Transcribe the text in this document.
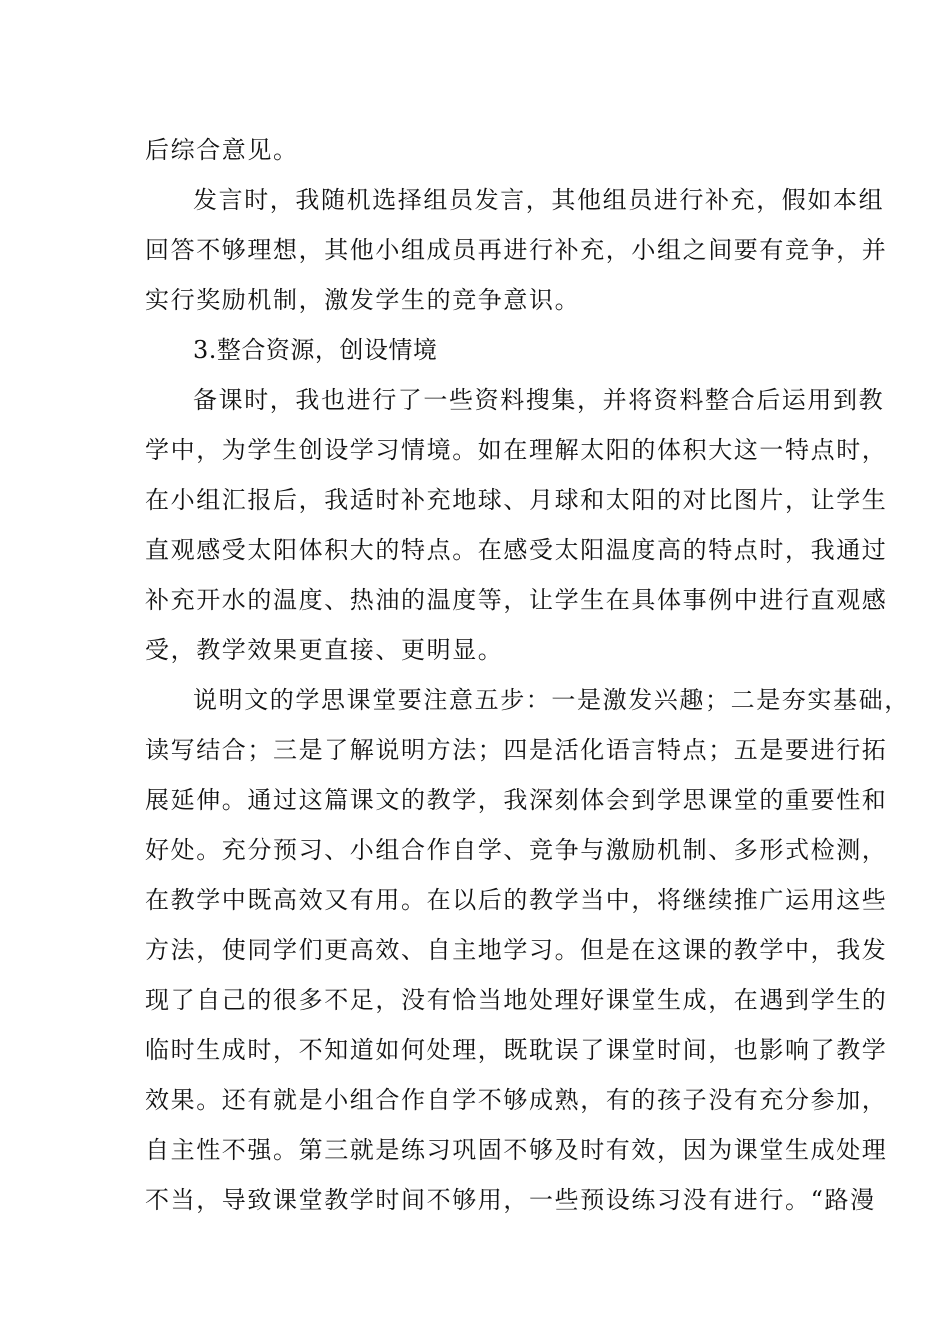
后综合意见。
发言时，我随机选择组员发言，其他组员进行补充，假如本组
回答不够理想，其他小组成员再进行补充，小组之间要有竞争，并
实行奖励机制，激发学生的竞争意识。
3.整合资源，创设情境
备课时，我也进行了一些资料搜集，并将资料整合后运用到教
学中，为学生创设学习情境。如在理解太阳的体积大这一特点时，
在小组汇报后，我适时补充地球、月球和太阳的对比图片，让学生
直观感受太阳体积大的特点。在感受太阳温度高的特点时，我通过
补充开水的温度、热油的温度等，让学生在具体事例中进行直观感
受，教学效果更直接、更明显。
说明文的学思课堂要注意五步：一是激发兴趣；二是夯实基础，
读写结合；三是了解说明方法；四是活化语言特点；五是要进行拓
展延伸。通过这篇课文的教学，我深刻体会到学思课堂的重要性和
好处。充分预习、小组合作自学、竞争与激励机制、多形式检测，
在教学中既高效又有用。在以后的教学当中，将继续推广运用这些
方法，使同学们更高效、自主地学习。但是在这课的教学中，我发
现了自己的很多不足，没有恰当地处理好课堂生成，在遇到学生的
临时生成时，不知道如何处理，既耽误了课堂时间，也影响了教学
效果。还有就是小组合作自学不够成熟，有的孩子没有充分参加，
自主性不强。第三就是练习巩固不够及时有效，因为课堂生成处理
不当，导致课堂教学时间不够用，一些预设练习没有进行。“路漫
